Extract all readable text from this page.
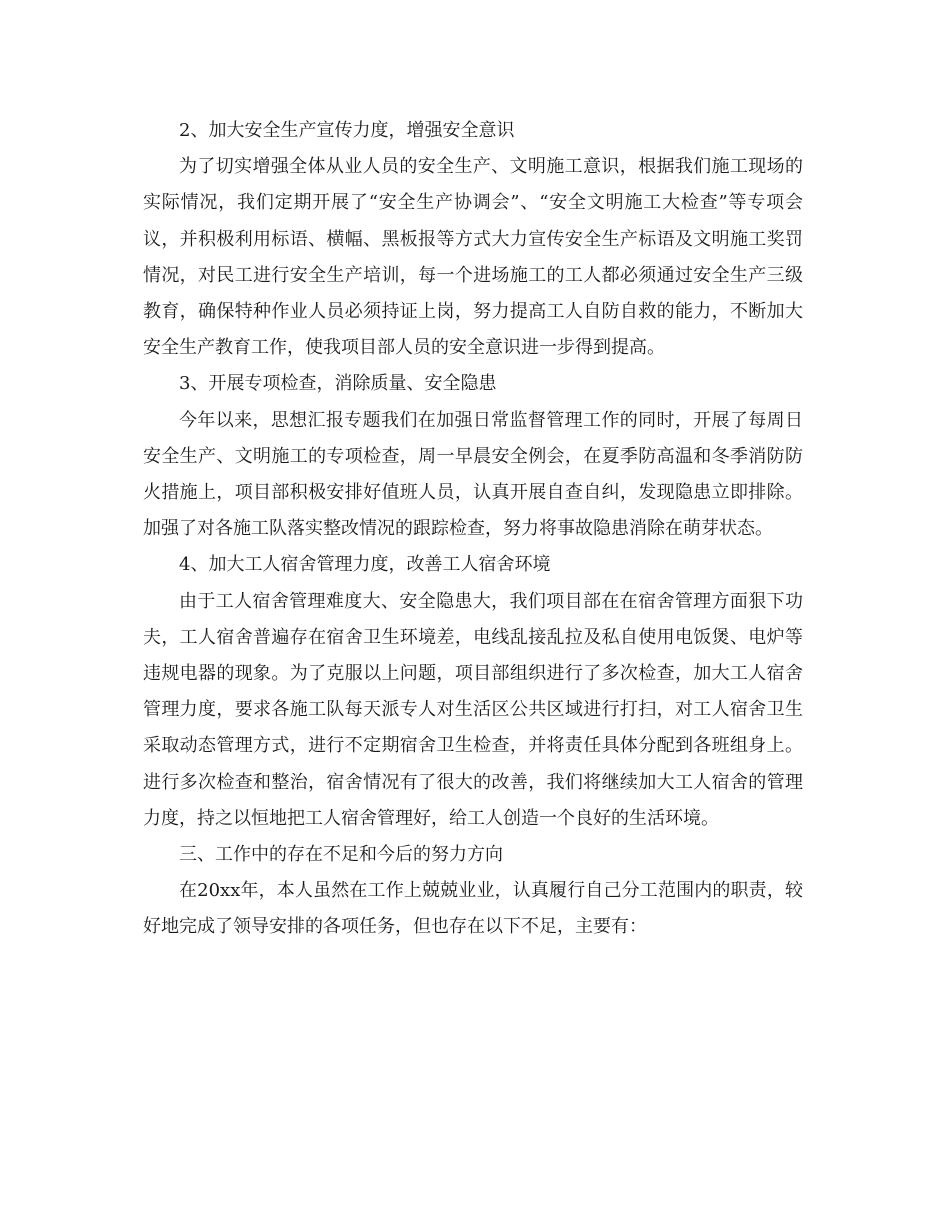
2、加大安全生产宣传力度，增强安全意识

为了切实增强全体从业人员的安全生产、文明施工意识，根据我们施工现场的实际情况，我们定期开展了“安全生产协调会”、“安全文明施工大检查”等专项会议，并积极利用标语、横幅、黑板报等方式大力宣传安全生产标语及文明施工奖罚情况，对民工进行安全生产培训，每一个进场施工的工人都必须通过安全生产三级教育，确保特种作业人员必须持证上岗，努力提高工人自防自救的能力，不断加大安全生产教育工作，使我项目部人员的安全意识进一步得到提高。

3、开展专项检查，消除质量、安全隐患

今年以来，思想汇报专题我们在加强日常监督管理工作的同时，开展了每周日安全生产、文明施工的专项检查，周一早晨安全例会，在夏季防高温和冬季消防防火措施上，项目部积极安排好值班人员，认真开展自查自纠，发现隐患立即排除。加强了对各施工队落实整改情况的跟踪检查，努力将事故隐患消除在萌芽状态。

4、加大工人宿舍管理力度，改善工人宿舍环境

由于工人宿舍管理难度大、安全隐患大，我们项目部在在宿舍管理方面狠下功夫，工人宿舍普遍存在宿舍卫生环境差，电线乱接乱拉及私自使用电饭煲、电炉等违规电器的现象。为了克服以上问题，项目部组织进行了多次检查，加大工人宿舍管理力度，要求各施工队每天派专人对生活区公共区域进行打扫，对工人宿舍卫生采取动态管理方式，进行不定期宿舍卫生检查，并将责任具体分配到各班组身上。进行多次检查和整治，宿舍情况有了很大的改善，我们将继续加大工人宿舍的管理力度，持之以恒地把工人宿舍管理好，给工人创造一个良好的生活环境。

三、工作中的存在不足和今后的努力方向

在20xx年，本人虽然在工作上兢兢业业，认真履行自己分工范围内的职责，较好地完成了领导安排的各项任务，但也存在以下不足，主要有：
